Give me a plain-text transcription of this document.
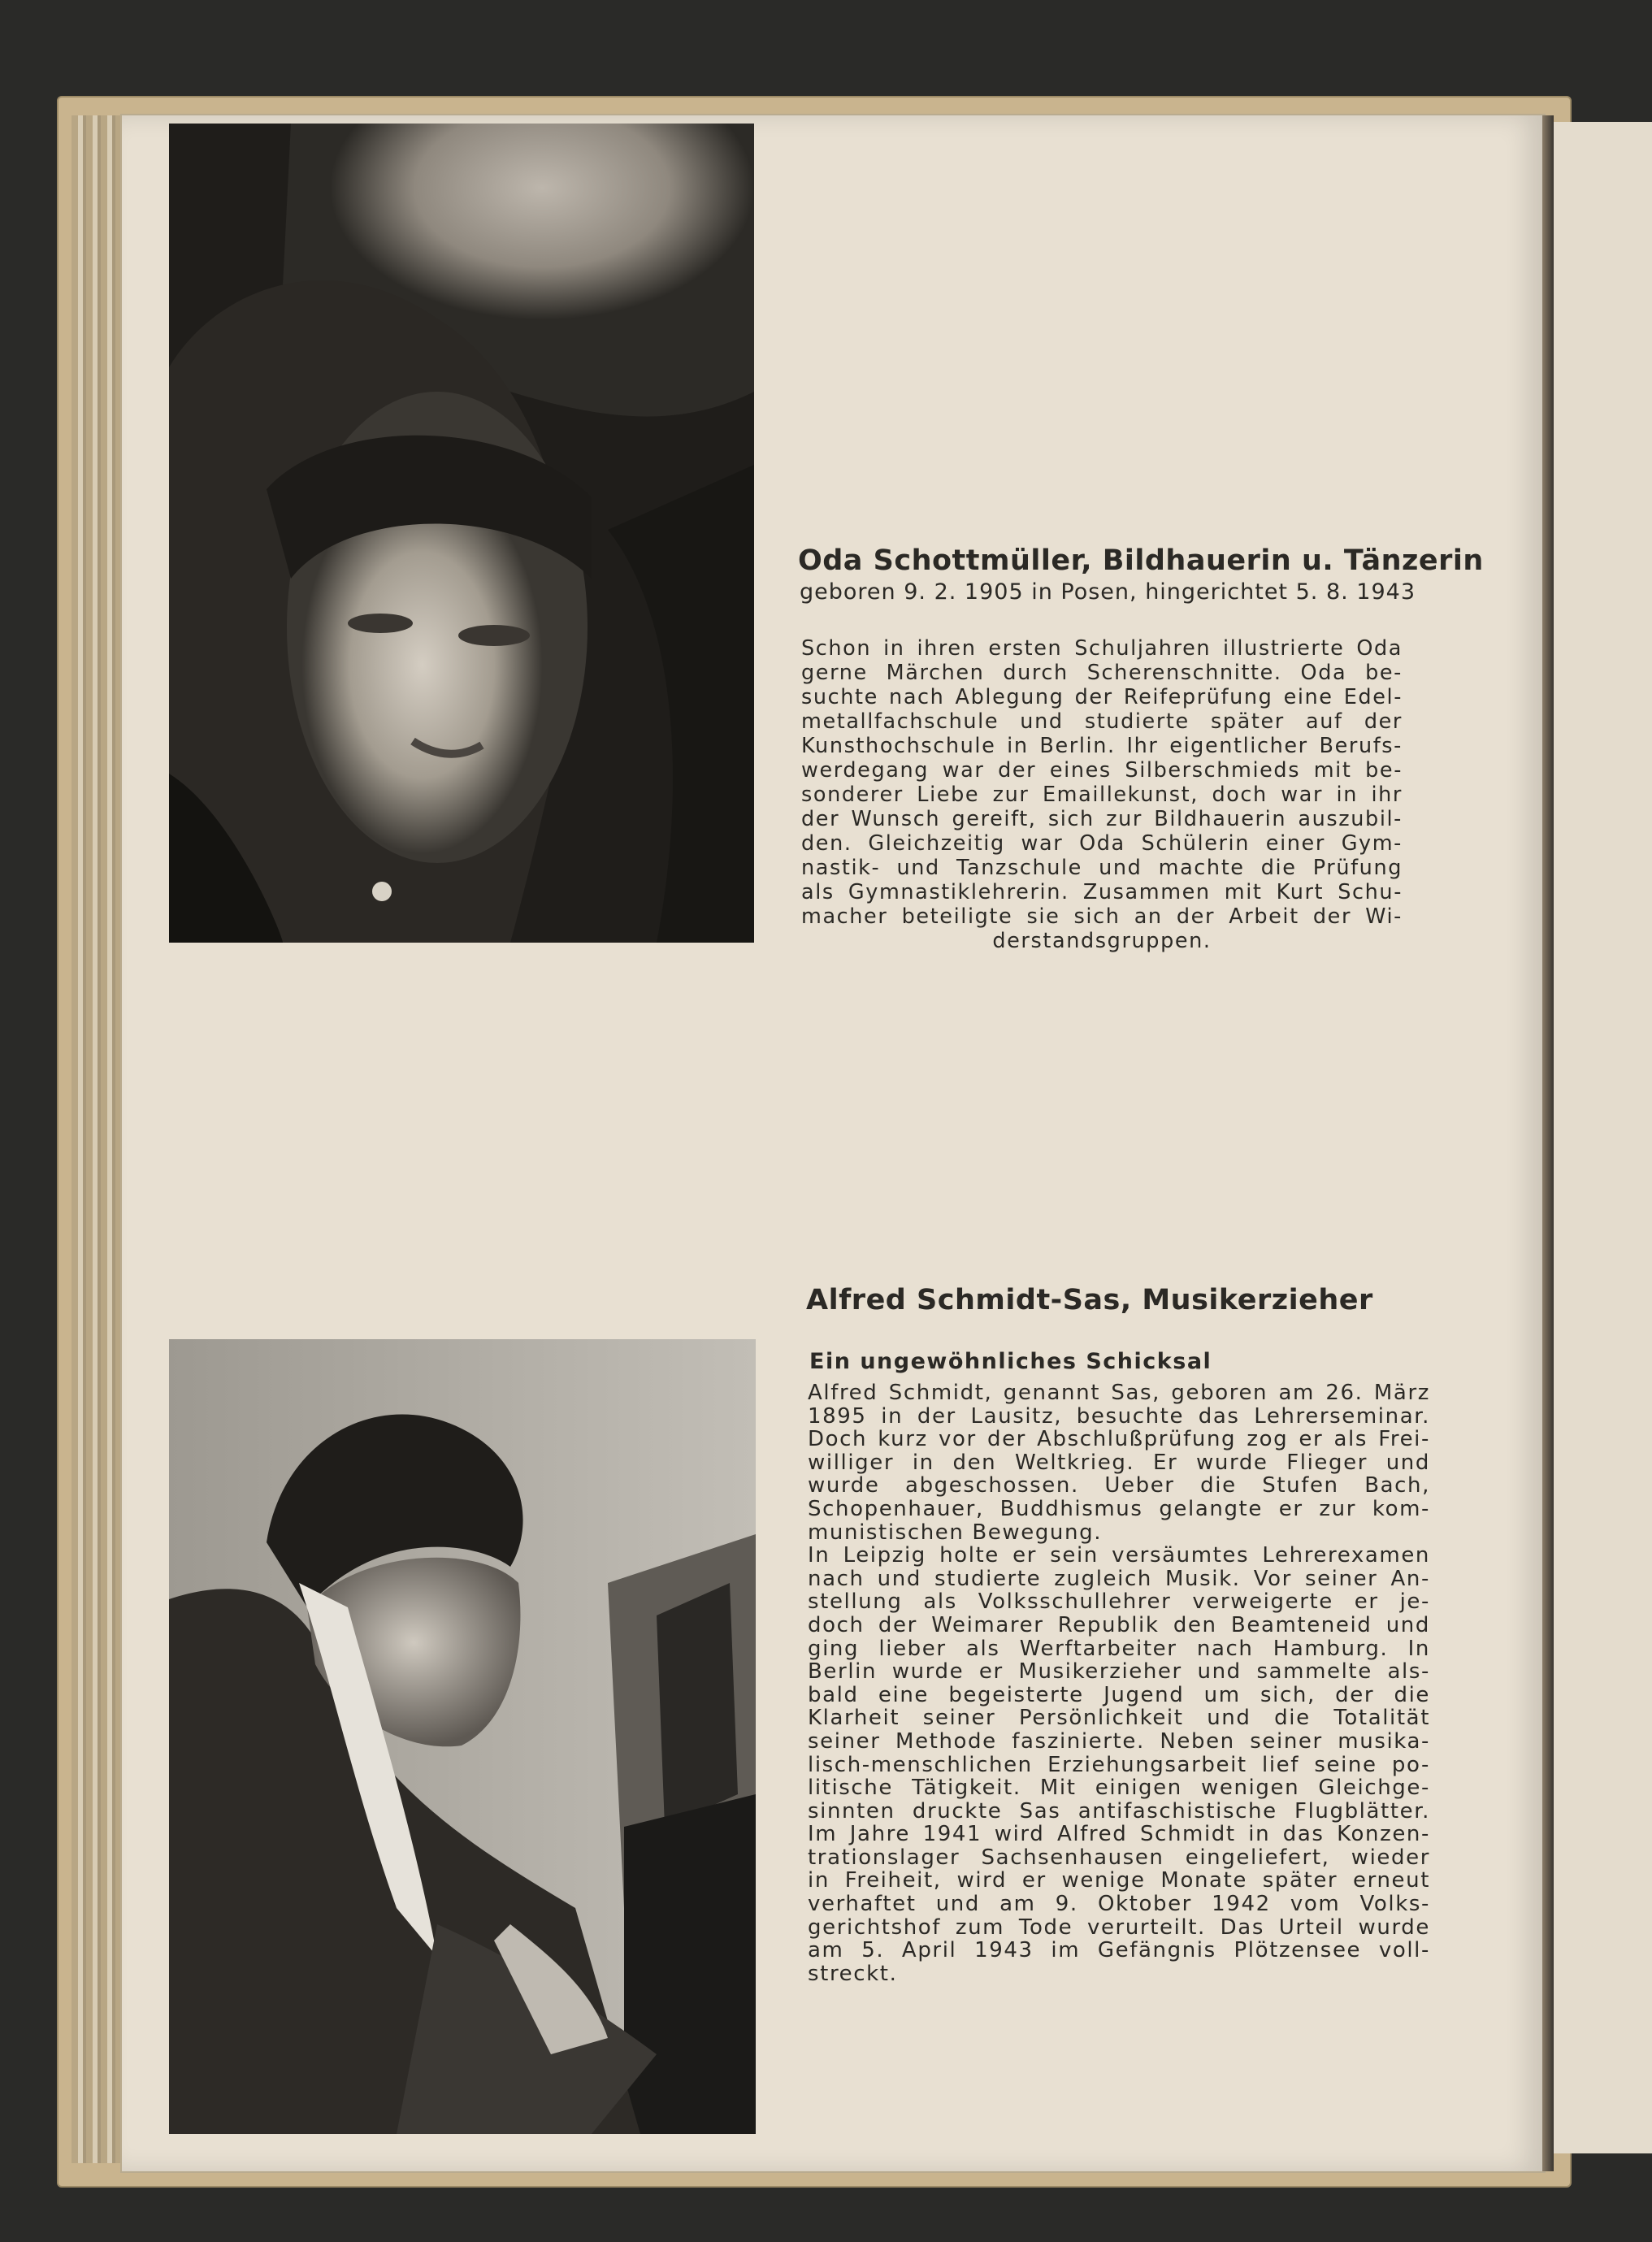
Oda Schottmüller, Bildhauerin u. Tänzerin
geboren 9. 2. 1905 in Posen, hingerichtet 5. 8. 1943
Schon in ihren ersten Schuljahren illustrierte Oda
gerne Märchen durch Scherenschnitte. Oda be-
suchte nach Ablegung der Reifeprüfung eine Edel-
metallfachschule und studierte später auf der
Kunsthochschule in Berlin. Ihr eigentlicher Berufs-
werdegang war der eines Silberschmieds mit be-
sonderer Liebe zur Emaillekunst, doch war in ihr
der Wunsch gereift, sich zur Bildhauerin auszubil-
den. Gleichzeitig war Oda Schülerin einer Gym-
nastik- und Tanzschule und machte die Prüfung
als Gymnastiklehrerin. Zusammen mit Kurt Schu-
macher beteiligte sie sich an der Arbeit der Wi-
derstandsgruppen.
Alfred Schmidt-Sas, Musikerzieher
Ein ungewöhnliches Schicksal
Alfred Schmidt, genannt Sas, geboren am 26. März
1895 in der Lausitz, besuchte das Lehrerseminar.
Doch kurz vor der Abschlußprüfung zog er als Frei-
williger in den Weltkrieg. Er wurde Flieger und
wurde abgeschossen. Ueber die Stufen Bach,
Schopenhauer, Buddhismus gelangte er zur kom-
munistischen Bewegung.
In Leipzig holte er sein versäumtes Lehrerexamen
nach und studierte zugleich Musik. Vor seiner An-
stellung als Volksschullehrer verweigerte er je-
doch der Weimarer Republik den Beamteneid und
ging lieber als Werftarbeiter nach Hamburg. In
Berlin wurde er Musikerzieher und sammelte als-
bald eine begeisterte Jugend um sich, der die
Klarheit seiner Persönlichkeit und die Totalität
seiner Methode faszinierte. Neben seiner musika-
lisch-menschlichen Erziehungsarbeit lief seine po-
litische Tätigkeit. Mit einigen wenigen Gleichge-
sinnten druckte Sas antifaschistische Flugblätter.
Im Jahre 1941 wird Alfred Schmidt in das Konzen-
trationslager Sachsenhausen eingeliefert, wieder
in Freiheit, wird er wenige Monate später erneut
verhaftet und am 9. Oktober 1942 vom Volks-
gerichtshof zum Tode verurteilt. Das Urteil wurde
am 5. April 1943 im Gefängnis Plötzensee voll-
streckt.
